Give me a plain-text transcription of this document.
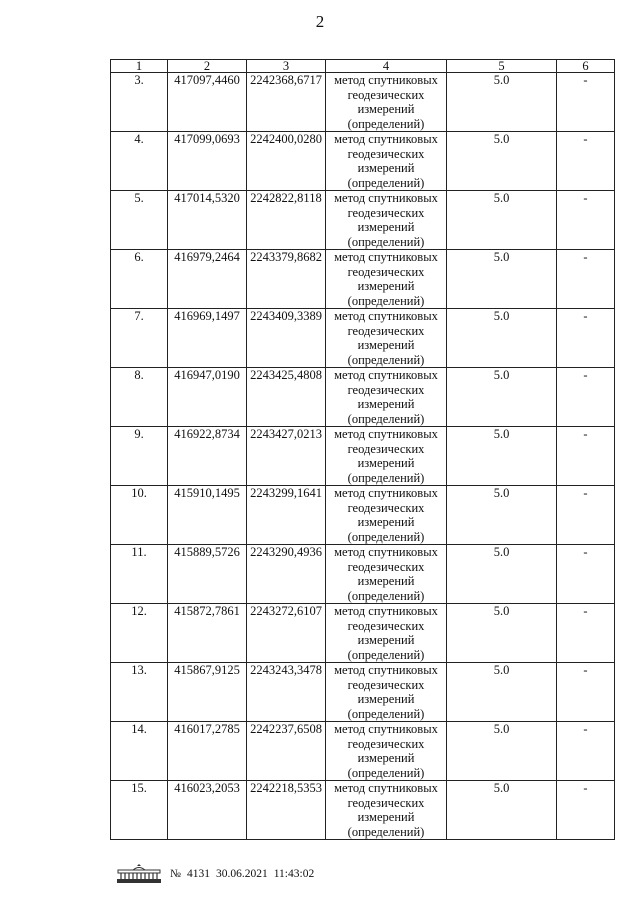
2
1	2	3	4	5	6
3.	417097,4460	2242368,6717	метод спутниковых
геодезических
измерений
(определений)	5.0	-
4.	417099,0693	2242400,0280	метод спутниковых
геодезических
измерений
(определений)	5.0	-
5.	417014,5320	2242822,8118	метод спутниковых
геодезических
измерений
(определений)	5.0	-
6.	416979,2464	2243379,8682	метод спутниковых
геодезических
измерений
(определений)	5.0	-
7.	416969,1497	2243409,3389	метод спутниковых
геодезических
измерений
(определений)	5.0	-
8.	416947,0190	2243425,4808	метод спутниковых
геодезических
измерений
(определений)	5.0	-
9.	416922,8734	2243427,0213	метод спутниковых
геодезических
измерений
(определений)	5.0	-
10.	415910,1495	2243299,1641	метод спутниковых
геодезических
измерений
(определений)	5.0	-
11.	415889,5726	2243290,4936	метод спутниковых
геодезических
измерений
(определений)	5.0	-
12.	415872,7861	2243272,6107	метод спутниковых
геодезических
измерений
(определений)	5.0	-
13.	415867,9125	2243243,3478	метод спутниковых
геодезических
измерений
(определений)	5.0	-
14.	416017,2785	2242237,6508	метод спутниковых
геодезических
измерений
(определений)	5.0	-
15.	416023,2053	2242218,5353	метод спутниковых
геодезических
измерений
(определений)	5.0	-
№ 4131 30.06.2021 11:43:02
